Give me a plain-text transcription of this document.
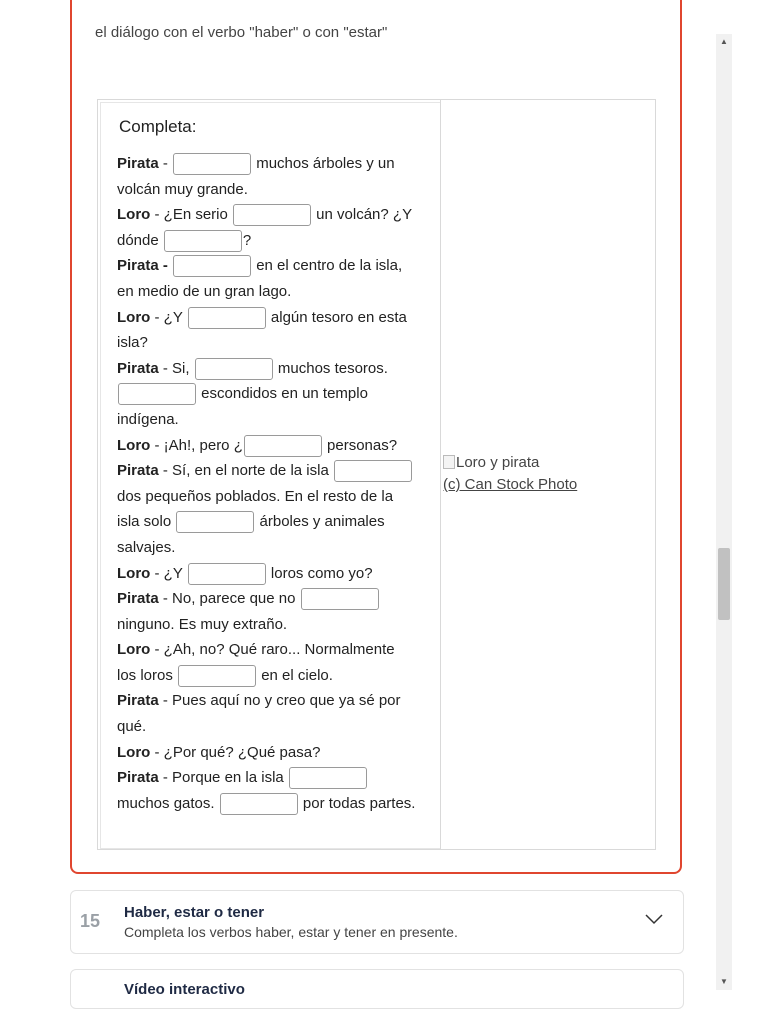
el diálogo con el verbo "haber" o con "estar"
Completa:
Pirata -	muchos árboles y un volcán muy grande.
Loro - ¿En serio	un volcán? ¿Y dónde	?
Pirata -	en el centro de la isla, en medio de un gran lago.
Loro - ¿Y	algún tesoro en esta isla?
Pirata - Si,	muchos tesoros.  escondidos en un templo indígena.
Loro - ¡Ah!, pero ¿	personas?
Pirata - Sí, en el norte de la isla  dos pequeños poblados. En el resto de la isla solo	árboles y animales salvajes.
Loro - ¿Y	loros como yo?
Pirata - No, parece que no  ninguno. Es muy extraño.
Loro - ¿Ah, no? Qué raro... Normalmente los loros	en el cielo.
Pirata - Pues aquí no y creo que ya sé por qué.
Loro - ¿Por qué? ¿Qué pasa?
Pirata - Porque en la isla  muchos gatos.	por todas partes.
Loro y pirata
(c) Can Stock Photo
15 Haber, estar o tener
Completa los verbos haber, estar y tener en presente.
Vídeo interactivo
▲
▼
